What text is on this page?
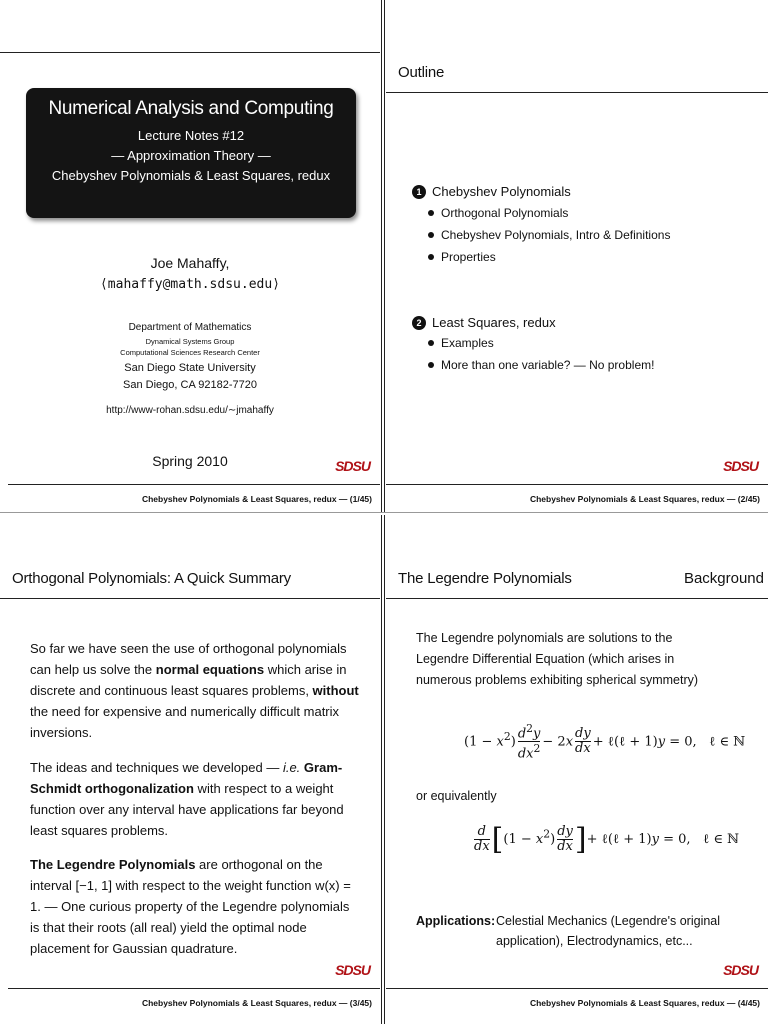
Numerical Analysis and Computing
Lecture Notes #12
— Approximation Theory —
Chebyshev Polynomials & Least Squares, redux
Joe Mahaffy,
⟨mahaffy@math.sdsu.edu⟩
Department of Mathematics
Dynamical Systems Group
Computational Sciences Research Center
San Diego State University
San Diego, CA 92182-7720
http://www-rohan.sdsu.edu/∼jmahaffy
Spring 2010	SDSU
Chebyshev Polynomials & Least Squares, redux — (1/45)
Outline
1 Chebyshev Polynomials
Orthogonal Polynomials
Chebyshev Polynomials, Intro & Definitions
Properties
2 Least Squares, redux
Examples
More than one variable? — No problem!
SDSU
Chebyshev Polynomials & Least Squares, redux — (2/45)
Orthogonal Polynomials: A Quick Summary
So far we have seen the use of orthogonal polynomials can help us solve the normal equations which arise in discrete and continuous least squares problems, without the need for expensive and numerically difficult matrix inversions.
The ideas and techniques we developed — i.e. Gram-Schmidt orthogonalization with respect to a weight function over any interval have applications far beyond least squares problems.
The Legendre Polynomials are orthogonal on the interval [−1, 1] with respect to the weight function w(x) = 1. — One curious property of the Legendre polynomials is that their roots (all real) yield the optimal node placement for Gaussian quadrature.
SDSU
Chebyshev Polynomials & Least Squares, redux — (3/45)
The Legendre Polynomials	Background
The Legendre polynomials are solutions to the Legendre Differential Equation (which arises in numerous problems exhibiting spherical symmetry)
$(1 - x^2) \frac{d^2y}{dx^2} - 2x \frac{dy}{dx}$ + ℓ(ℓ + 1)y = 0,   ℓ ∈ ℕ
or equivalently
$\frac{d}{dx} [(1 - x^2) \frac{dy}{dx}$ ]+ ℓ(ℓ + 1)y = 0,   ℓ ∈ ℕ
Applications: Celestial Mechanics (Legendre's original application), Electrodynamics, etc...
SDSU
Chebyshev Polynomials & Least Squares, redux — (4/45)
